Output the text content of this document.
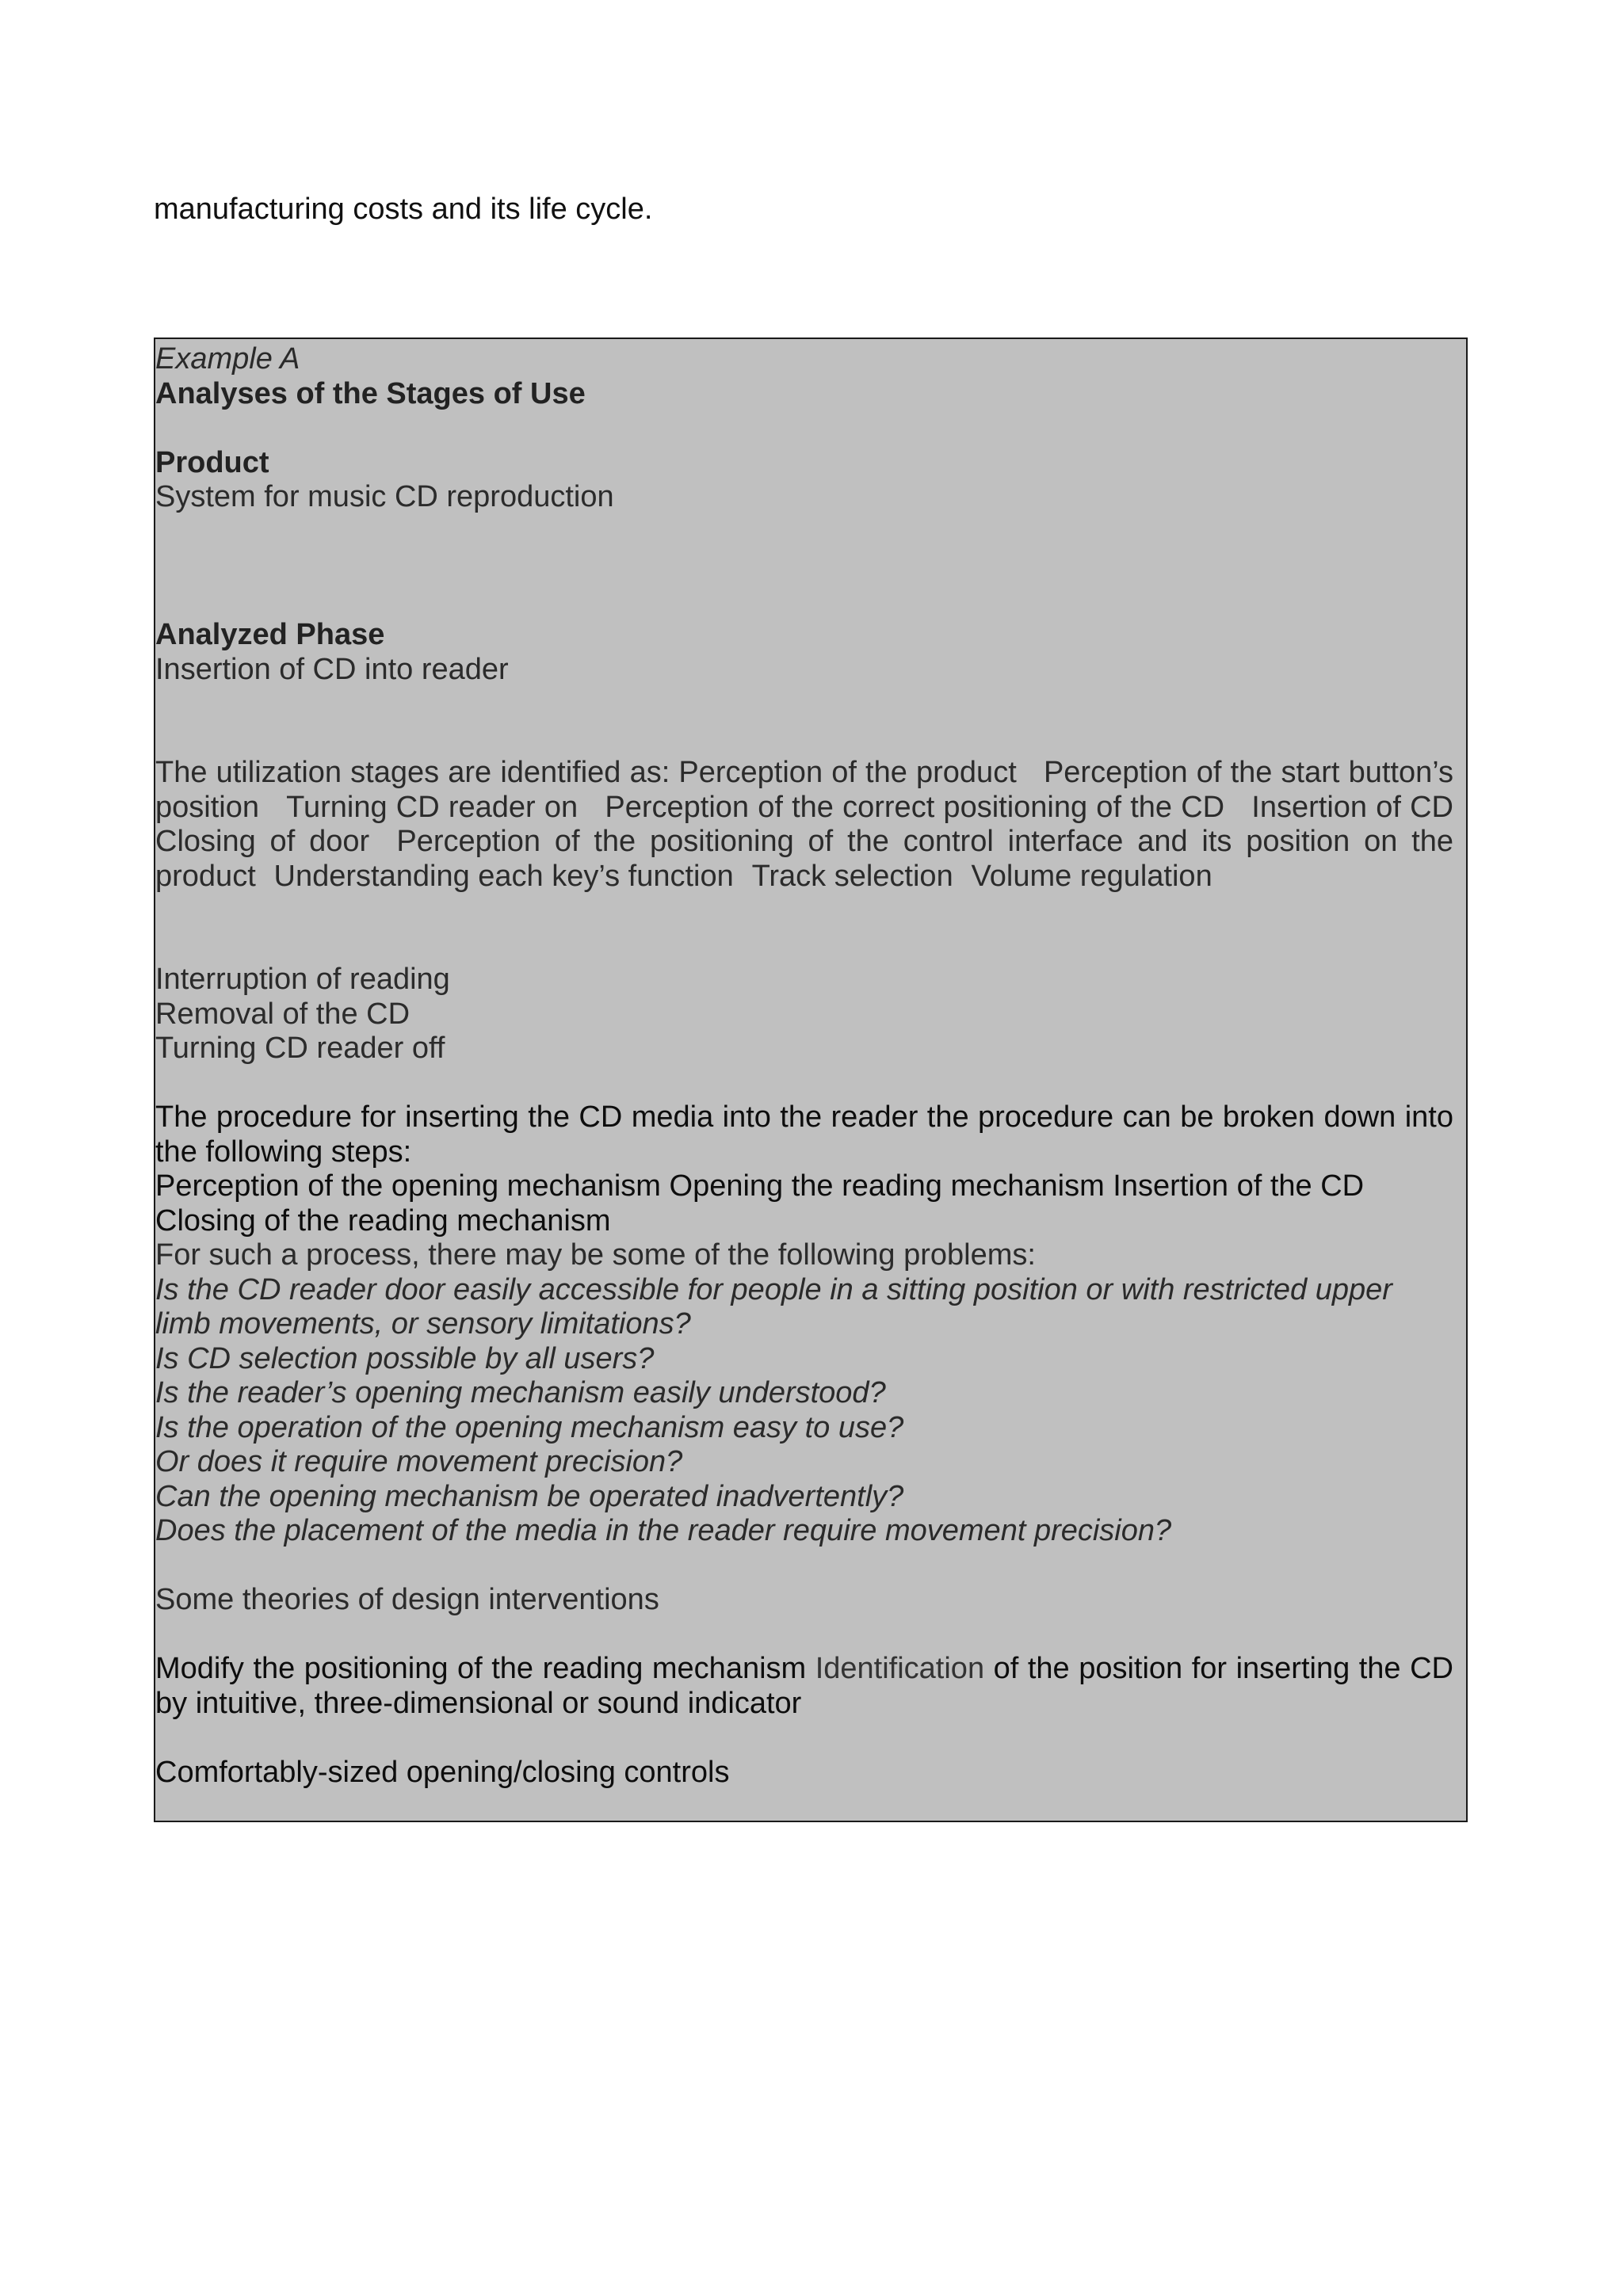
manufacturing costs and its life cycle.

Example A

Analyses of the Stages of Use

Product

System for music CD reproduction

Analyzed Phase

Insertion of CD into reader

The utilization stages are identified as: Perception of the product Perception of the start button’s position Turning CD reader on Perception of the correct positioning of the CD Insertion of CD Closing of door Perception of the positioning of the control interface and its position on the product Understanding each key’s function Track selection Volume regulation

Interruption of reading

Removal of the CD

Turning CD reader off

The procedure for inserting the CD media into the reader the procedure can be broken down into the following steps:

Perception of the opening mechanism Opening the reading mechanism Insertion of the CD

Closing of the reading mechanism

For such a process, there may be some of the following problems:

Is the CD reader door easily accessible for people in a sitting position or with restricted upper limb movements, or sensory limitations?

Is CD selection possible by all users?

Is the reader’s opening mechanism easily understood?

Is the operation of the opening mechanism easy to use?

Or does it require movement precision?

Can the opening mechanism be operated inadvertently?

Does the placement of the media in the reader require movement precision?

Some theories of design interventions

Modify the positioning of the reading mechanism Identification of the position for inserting the CD by intuitive, three-dimensional or sound indicator

Comfortably-sized opening/closing controls
